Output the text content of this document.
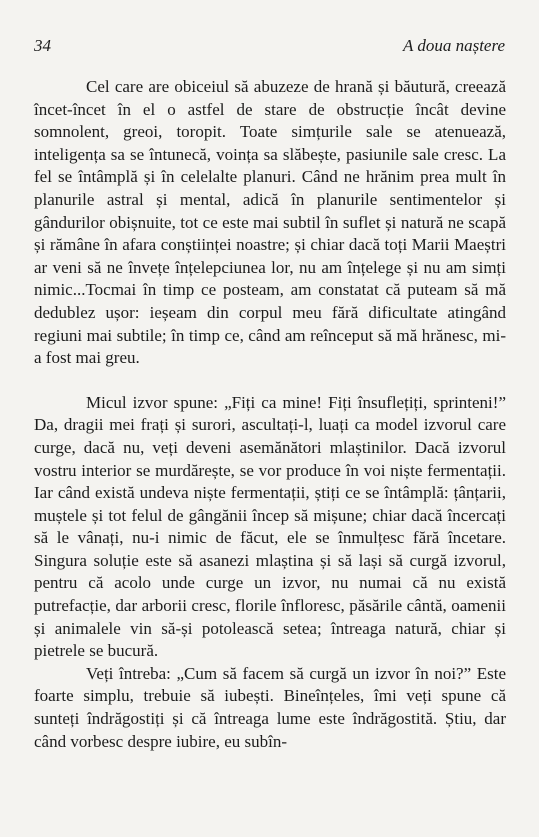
34	A doua naștere

Cel care are obiceiul să abuzeze de hrană și băutură, creează încet-încet în el o astfel de stare de obstrucție încât devine somnolent, greoi, toropit. Toate simțurile sale se atenuează, inteligența sa se întunecă, voința sa slăbește, pasiunile sale cresc. La fel se întâmplă și în celelalte planuri. Când ne hrănim prea mult în planurile astral și mental, adică în planurile sentimentelor și gândurilor obișnuite, tot ce este mai subtil în suflet și natură ne scapă și rămâne în afara conștiinței noastre; și chiar dacă toți Marii Maeștri ar veni să ne învețe înțelepciunea lor, nu am înțelege și nu am simți nimic...Tocmai în timp ce posteam, am constatat că puteam să mă dedublez ușor: ieșeam din corpul meu fără dificultate atingând regiuni mai subtile; în timp ce, când am reînceput să mă hrănesc, mi-a fost mai greu.

Micul izvor spune: „Fiți ca mine! Fiți însuflețiți, sprinteni!” Da, dragii mei frați și surori, ascultați-l, luați ca model izvorul care curge, dacă nu, veți deveni asemănători mlaștinilor. Dacă izvorul vostru interior se murdărește, se vor produce în voi niște fermentații. Iar când există undeva niște fermentații, știți ce se întâmplă: țânțarii, muștele și tot felul de gângănii încep să mișune; chiar dacă încercați să le vânați, nu-i nimic de făcut, ele se înmulțesc fără încetare. Singura soluție este să asanezi mlaștina și să lași să curgă izvorul, pentru că acolo unde curge un izvor, nu numai că nu există putrefacție, dar arborii cresc, florile înfloresc, păsările cântă, oamenii și animalele vin să-și potolească setea; întreaga natură, chiar și pietrele se bucură.

Veți întreba: „Cum să facem să curgă un izvor în noi?” Este foarte simplu, trebuie să iubești. Bineînțeles, îmi veți spune că sunteți îndrăgostiți și că întreaga lume este îndrăgostită. Știu, dar când vorbesc despre iubire, eu subîn-
